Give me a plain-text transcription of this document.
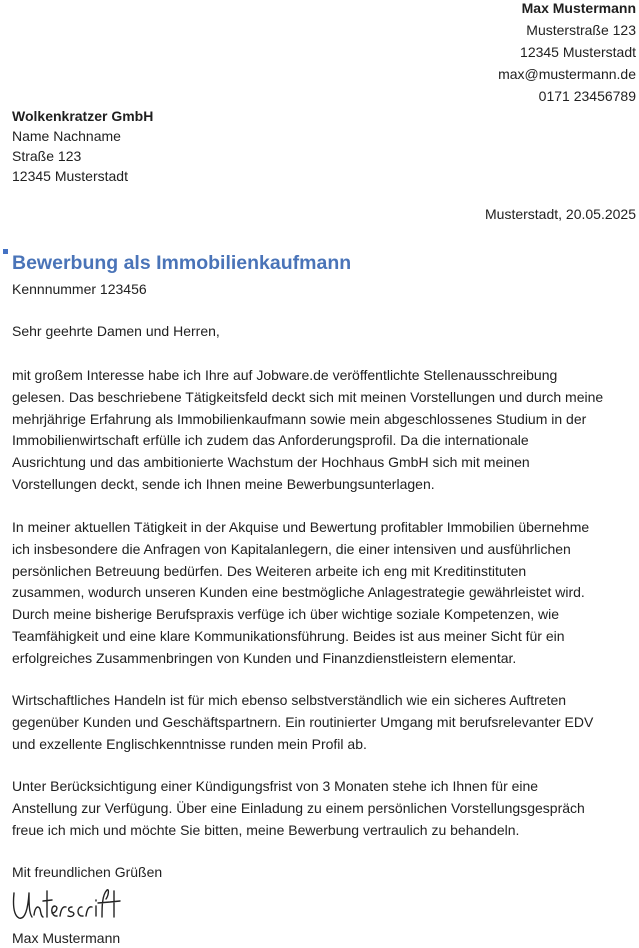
Max Mustermann
Musterstraße 123
12345 Musterstadt
max@mustermann.de
0171 23456789
Wolkenkratzer GmbH
Name Nachname
Straße 123
12345 Musterstadt
Musterstadt, 20.05.2025
Bewerbung als Immobilienkaufmann
Kennnummer 123456
Sehr geehrte Damen und Herren,
mit großem Interesse habe ich Ihre auf Jobware.de veröffentlichte Stellenausschreibung
gelesen. Das beschriebene Tätigkeitsfeld deckt sich mit meinen Vorstellungen und durch meine
mehrjährige Erfahrung als Immobilienkaufmann sowie mein abgeschlossenes Studium in der
Immobilienwirtschaft erfülle ich zudem das Anforderungsprofil. Da die internationale
Ausrichtung und das ambitionierte Wachstum der Hochhaus GmbH sich mit meinen
Vorstellungen deckt, sende ich Ihnen meine Bewerbungsunterlagen.
In meiner aktuellen Tätigkeit in der Akquise und Bewertung profitabler Immobilien übernehme
ich insbesondere die Anfragen von Kapitalanlegern, die einer intensiven und ausführlichen
persönlichen Betreuung bedürfen. Des Weiteren arbeite ich eng mit Kreditinstituten
zusammen, wodurch unseren Kunden eine bestmögliche Anlagestrategie gewährleistet wird.
Durch meine bisherige Berufspraxis verfüge ich über wichtige soziale Kompetenzen, wie
Teamfähigkeit und eine klare Kommunikationsführung. Beides ist aus meiner Sicht für ein
erfolgreiches Zusammenbringen von Kunden und Finanzdienstleistern elementar.
Wirtschaftliches Handeln ist für mich ebenso selbstverständlich wie ein sicheres Auftreten
gegenüber Kunden und Geschäftspartnern. Ein routinierter Umgang mit berufsrelevanter EDV
und exzellente Englischkenntnisse runden mein Profil ab.
Unter Berücksichtigung einer Kündigungsfrist von 3 Monaten stehe ich Ihnen für eine
Anstellung zur Verfügung. Über eine Einladung zu einem persönlichen Vorstellungsgespräch
freue ich mich und möchte Sie bitten, meine Bewerbung vertraulich zu behandeln.
Mit freundlichen Grüßen
Max Mustermann
